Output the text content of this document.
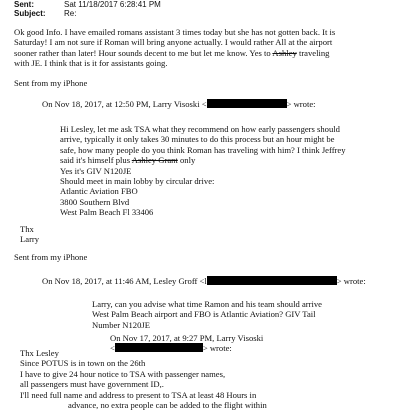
Sent:	Sat 11/18/2017 6:28:41 PM
Subject: Re:
Ok good Info. I have emailed romans assistant 3 times today but she has not gotten back. It is
Saturday! I am not sure if Roman will bring anyone actually. I would rather All at the airport
sooner rather than later! Hour sounds decent to me but let me know. Yes to Ashley traveling
with JE. I think that is it for assistants going.
Sent from my iPhone
On Nov 18, 2017, at 12:50 PM, Larry Visoski <	> wrote:
Hi Lesley, let me ask TSA what they recommend on how early passengers should
arrive, typically it only takes 30 minutes to do this process but an hour might be
safe, how many people do you think Roman has traveling with him? I think Jeffrey
said it's himself plus Ashley Grant only
Yes it's GIV N120JE
Should meet in main lobby by circular drive:
Atlantic Aviation FBO
3800 Southern Blvd
West Palm Beach Fl 33406
Thx
Larry
Sent from my iPhone
On Nov 18, 2017, at 11:46 AM, Lesley Groff <l	> wrote:
Larry, can you advise what time Ramon and his team should arrive
West Palm Beach airport and FBO is Atlantic Aviation? GIV Tail
Number N120JE
On Nov 17, 2017, at 9:27 PM, Larry Visoski
<	> wrote:
Thx Lesley
Since POTUS is in town on the 26th
I have to give 24 hour notice to TSA with passenger names,
all passengers must have government ID,.
I'll need full name and address to present to TSA at least 48 Hours in
advance, no extra people can be added to the flight within
